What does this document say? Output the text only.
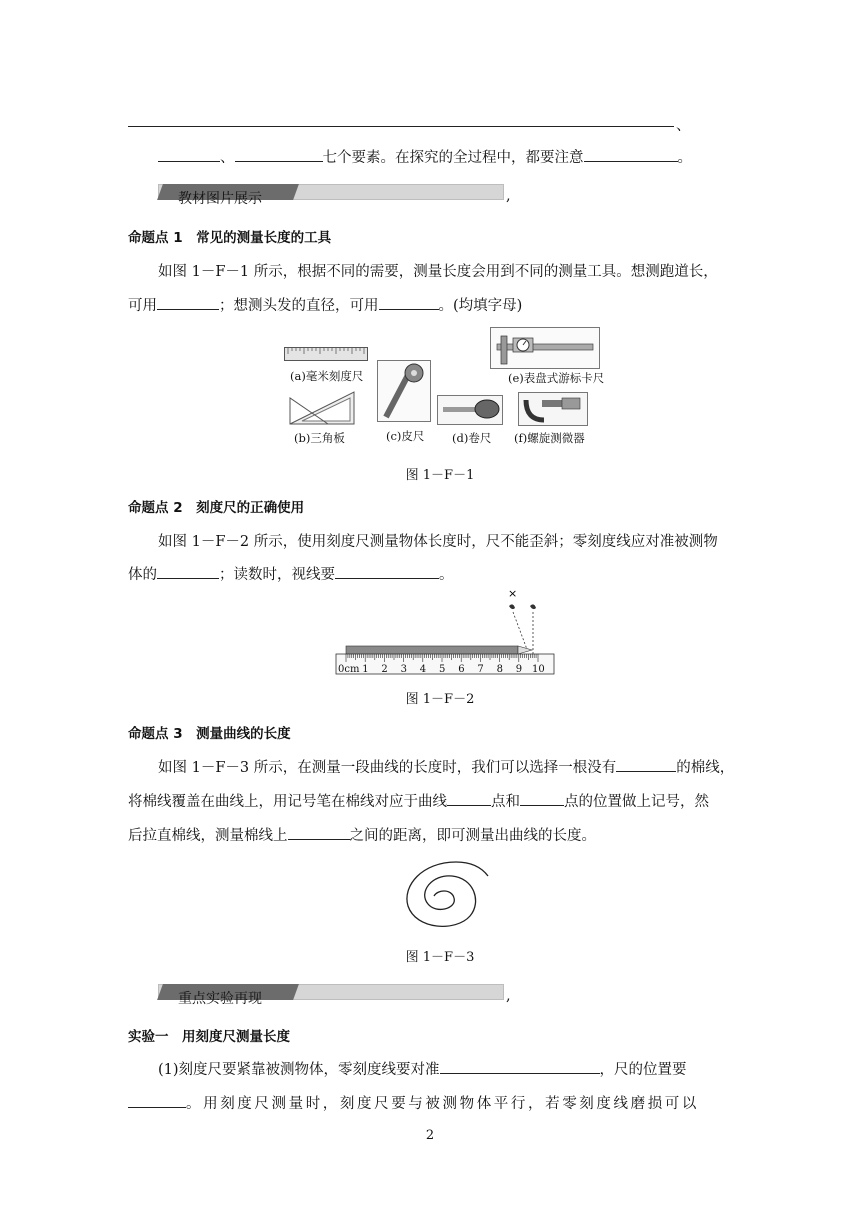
、
、	七个要素。在探究的全过程中，都要注意	。
教材图片展示	,
命题点 1　常见的测量长度的工具
如图 1－F－1 所示，根据不同的需要，测量长度会用到不同的测量工具。想测跑道长，
可用	；想测头发的直径，可用	。(均填字母)
(a)毫米刻度尺
(c)皮尺
(e)表盘式游标卡尺
(b)三角板	(d)卷尺 (f)螺旋测微器
图 1－F－1
命题点 2　刻度尺的正确使用
如图 1－F－2 所示，使用刻度尺测量物体长度时，尺不能歪斜；零刻度线应对准被测物
体的	；读数时，视线要	。
×
0cm 1 2 3 4 5 6 7 8 9 10
图 1－F－2
命题点 3　测量曲线的长度
如图 1－F－3 所示，在测量一段曲线的长度时，我们可以选择一根没有	的棉线，
将棉线覆盖在曲线上，用记号笔在棉线对应于曲线	点和	点的位置做上记号，然
后拉直棉线，测量棉线上	之间的距离，即可测量出曲线的长度。
图 1－F－3
重点实验再现	,
实验一　用刻度尺测量长度
(1)刻度尺要紧靠被测物体，零刻度线要对准	，尺的位置要
。用刻度尺测量时，刻度尺要与被测物体平行，若零刻度线磨损可以
2
